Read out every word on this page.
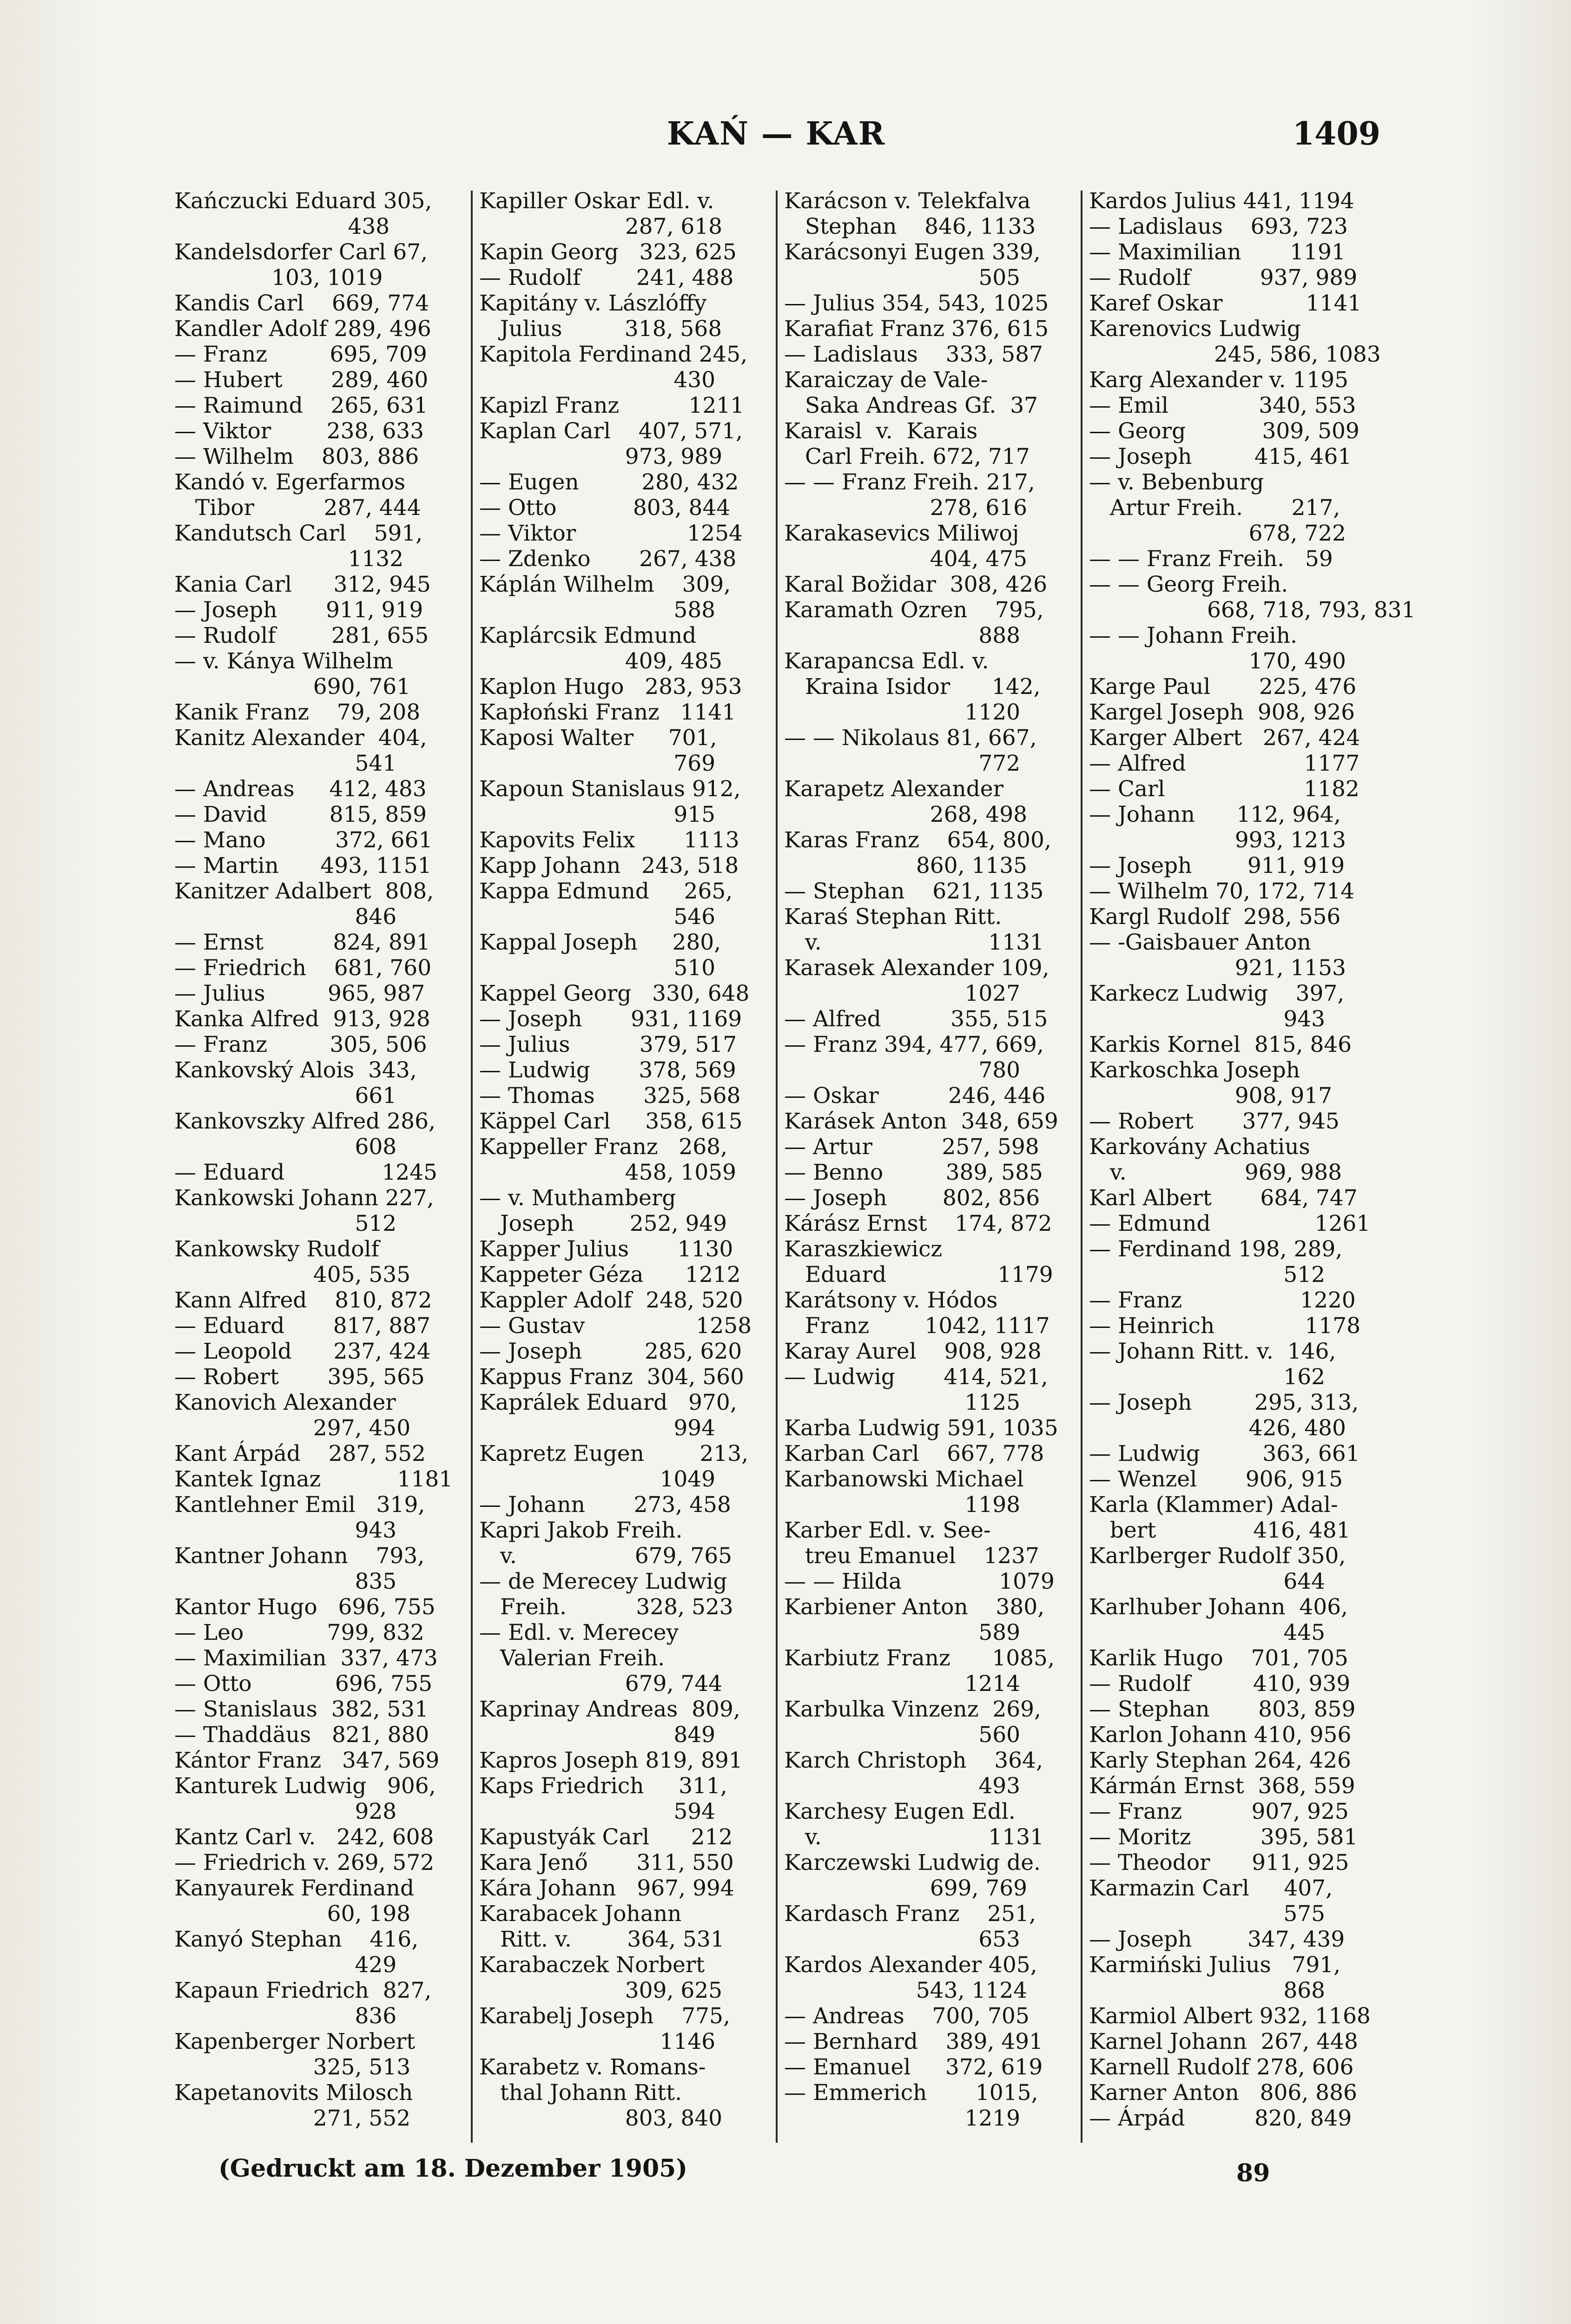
KAŃ — KAR	1409
Kańczucki Eduard 305,
438
Kandelsdorfer Carl 67,
103, 1019
Kandis Carl    669, 774
Kandler Adolf 289, 496
— Franz         695, 709
— Hubert       289, 460
— Raimund    265, 631
— Viktor        238, 633
— Wilhelm    803, 886
Kandó v. Egerfarmos
Tibor          287, 444
Kandutsch Carl    591,
1132
Kania Carl      312, 945
— Joseph       911, 919
— Rudolf        281, 655
— v. Kánya Wilhelm
690, 761
Kanik Franz    79, 208
Kanitz Alexander  404,
541
— Andreas     412, 483
— David         815, 859
— Mano          372, 661
— Martin      493, 1151
Kanitzer Adalbert  808,
846
— Ernst          824, 891
— Friedrich    681, 760
— Julius         965, 987
Kanka Alfred  913, 928
— Franz         305, 506
Kankovský Alois  343,
661
Kankovszky Alfred 286,
608
— Eduard              1245
Kankowski Johann 227,
512
Kankowsky Rudolf
405, 535
Kann Alfred    810, 872
— Eduard       817, 887
— Leopold      237, 424
— Robert       395, 565
Kanovich Alexander
297, 450
Kant Árpád    287, 552
Kantek Ignaz           1181
Kantlehner Emil   319,
943
Kantner Johann    793,
835
Kantor Hugo   696, 755
— Leo            799, 832
— Maximilian  337, 473
— Otto            696, 755
— Stanislaus  382, 531
— Thaddäus   821, 880
Kántor Franz   347, 569
Kanturek Ludwig   906,
928
Kantz Carl v.   242, 608
— Friedrich v. 269, 572
Kanyaurek Ferdinand
60, 198
Kanyó Stephan    416,
429
Kapaun Friedrich  827,
836
Kapenberger Norbert
325, 513
Kapetanovits Milosch
271, 552
Kapiller Oskar Edl. v.
287, 618
Kapin Georg   323, 625
— Rudolf        241, 488
Kapitány v. Lászlóffy
Julius         318, 568
Kapitola Ferdinand 245,
430
Kapizl Franz          1211
Kaplan Carl    407, 571,
973, 989
— Eugen         280, 432
— Otto           803, 844
— Viktor                1254
— Zdenko       267, 438
Káplán Wilhelm    309,
588
Kaplárcsik Edmund
409, 485
Kaplon Hugo   283, 953
Kapłoński Franz   1141
Kaposi Walter     701,
769
Kapoun Stanislaus 912,
915
Kapovits Felix       1113
Kapp Johann   243, 518
Kappa Edmund     265,
546
Kappal Joseph     280,
510
Kappel Georg   330, 648
— Joseph       931, 1169
— Julius          379, 517
— Ludwig       378, 569
— Thomas       325, 568
Käppel Carl     358, 615
Kappeller Franz   268,
458, 1059
— v. Muthamberg
Joseph        252, 949
Kapper Julius       1130
Kappeter Géza      1212
Kappler Adolf  248, 520
— Gustav                1258
— Joseph         285, 620
Kappus Franz  304, 560
Kaprálek Eduard   970,
994
Kapretz Eugen        213,
1049
— Johann       273, 458
Kapri Jakob Freih.
v.                 679, 765
— de Merecey Ludwig
Freih.          328, 523
— Edl. v. Merecey
Valerian Freih.
679, 744
Kaprinay Andreas  809,
849
Kapros Joseph 819, 891
Kaps Friedrich     311,
594
Kapustyák Carl      212
Kara Jenő       311, 550
Kára Johann   967, 994
Karabacek Johann
Ritt. v.        364, 531
Karabaczek Norbert
309, 625
Karabelj Joseph    775,
1146
Karabetz v. Romans-
thal Johann Ritt.
803, 840
Karácson v. Telekfalva
Stephan    846, 1133
Karácsonyi Eugen 339,
505
— Julius 354, 543, 1025
Karafiat Franz 376, 615
— Ladislaus    333, 587
Karaiczay de Vale-
Saka Andreas Gf.  37
Karaisl  v.  Karais
Carl Freih. 672, 717
— — Franz Freih. 217,
278, 616
Karakasevics Miliwoj
404, 475
Karal Božidar  308, 426
Karamath Ozren    795,
888
Karapancsa Edl. v.
Kraina Isidor      142,
1120
— — Nikolaus 81, 667,
772
Karapetz Alexander
268, 498
Karas Franz    654, 800,
860, 1135
— Stephan    621, 1135
Karaś Stephan Ritt.
v.                        1131
Karasek Alexander 109,
1027
— Alfred          355, 515
— Franz 394, 477, 669,
780
— Oskar          246, 446
Karásek Anton  348, 659
— Artur          257, 598
— Benno         389, 585
— Joseph        802, 856
Kárász Ernst    174, 872
Karaszkiewicz
Eduard                1179
Karátsony v. Hódos
Franz        1042, 1117
Karay Aurel    908, 928
— Ludwig       414, 521,
1125
Karba Ludwig 591, 1035
Karban Carl    667, 778
Karbanowski Michael
1198
Karber Edl. v. See-
treu Emanuel    1237
— — Hilda              1079
Karbiener Anton    380,
589
Karbiutz Franz      1085,
1214
Karbulka Vinzenz  269,
560
Karch Christoph    364,
493
Karchesy Eugen Edl.
v.                        1131
Karczewski Ludwig de.
699, 769
Kardasch Franz    251,
653
Kardos Alexander 405,
543, 1124
— Andreas    700, 705
— Bernhard    389, 491
— Emanuel     372, 619
— Emmerich       1015,
1219
Kardos Julius 441, 1194
— Ladislaus    693, 723
— Maximilian       1191
— Rudolf          937, 989
Karef Oskar            1141
Karenovics Ludwig
245, 586, 1083
Karg Alexander v. 1195
— Emil             340, 553
— Georg           309, 509
— Joseph         415, 461
— v. Bebenburg
Artur Freih.       217,
678, 722
— — Franz Freih.   59
— — Georg Freih.
668, 718, 793, 831
— — Johann Freih.
170, 490
Karge Paul       225, 476
Kargel Joseph  908, 926
Karger Albert   267, 424
— Alfred                 1177
— Carl                    1182
— Johann      112, 964,
993, 1213
— Joseph        911, 919
— Wilhelm 70, 172, 714
Kargl Rudolf  298, 556
— -Gaisbauer Anton
921, 1153
Karkecz Ludwig    397,
943
Karkis Kornel  815, 846
Karkoschka Joseph
908, 917
— Robert       377, 945
Karkovány Achatius
v.                 969, 988
Karl Albert       684, 747
— Edmund               1261
— Ferdinand 198, 289,
512
— Franz                 1220
— Heinrich             1178
— Johann Ritt. v.  146,
162
— Joseph         295, 313,
426, 480
— Ludwig         363, 661
— Wenzel       906, 915
Karla (Klammer) Adal-
bert              416, 481
Karlberger Rudolf 350,
644
Karlhuber Johann  406,
445
Karlik Hugo    701, 705
— Rudolf         410, 939
— Stephan       803, 859
Karlon Johann 410, 956
Karly Stephan 264, 426
Kármán Ernst  368, 559
— Franz          907, 925
— Moritz          395, 581
— Theodor      911, 925
Karmazin Carl     407,
575
— Joseph        347, 439
Karmiński Julius   791,
868
Karmiol Albert 932, 1168
Karnel Johann  267, 448
Karnell Rudolf 278, 606
Karner Anton   806, 886
— Árpád          820, 849
(Gedruckt am 18. Dezember 1905)	89
